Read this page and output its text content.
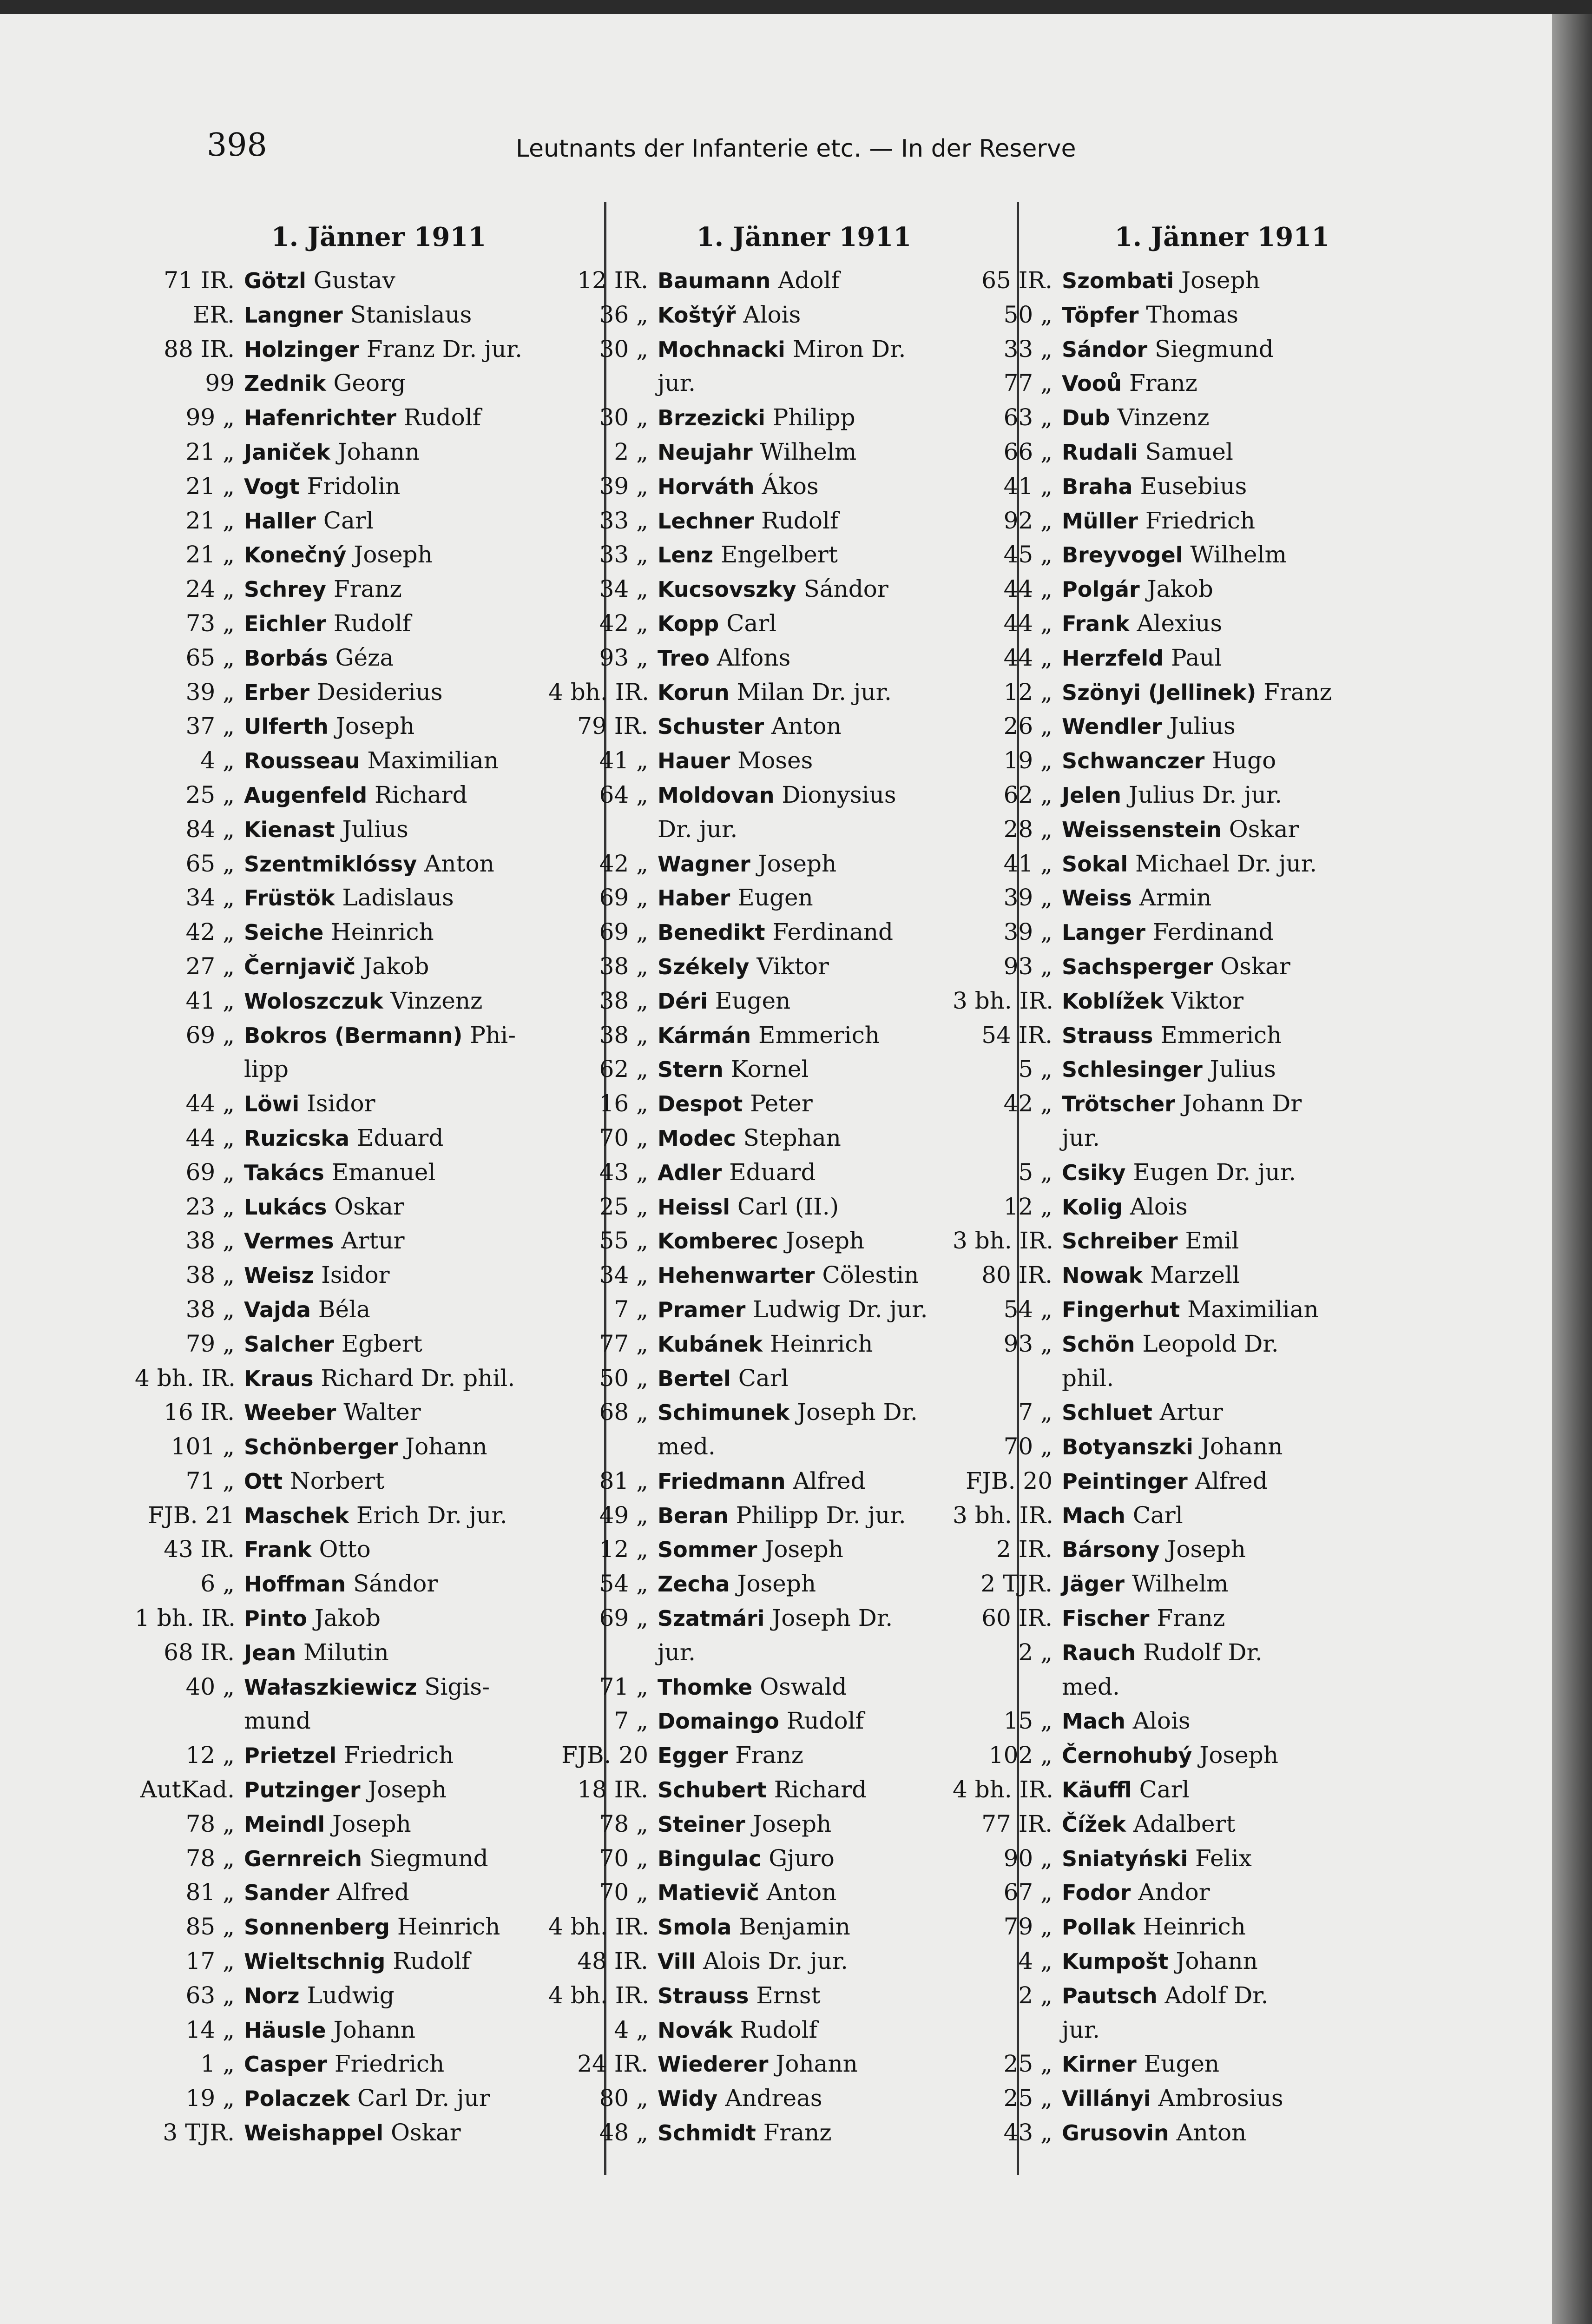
398	Leutnants der Infanterie etc. — In der Reserve
1. Jänner 1911	1. Jänner 1911	1. Jänner 1911
71 IR. Götzl Gustav
ER. Langner Stanislaus
88 IR. Holzinger Franz Dr. jur.
99 Zednik Georg
99 „ Hafenrichter Rudolf
21 „ Janiček Johann
21 „ Vogt Fridolin
21 „ Haller Carl
21 „ Konečný Joseph
24 „ Schrey Franz
73 „ Eichler Rudolf
65 „ Borbás Géza
39 „ Erber Desiderius
37 „ Ulferth Joseph
4 „ Rousseau Maximilian
25 „ Augenfeld Richard
84 „ Kienast Julius
65 „ Szentmiklóssy Anton
34 „ Früstök Ladislaus
42 „ Seiche Heinrich
27 „ Černjavič Jakob
41 „ Woloszczuk Vinzenz
69 „ Bokros (Bermann) Phi-
lipp
44 „ Löwi Isidor
44 „ Ruzicska Eduard
69 „ Takács Emanuel
23 „ Lukács Oskar
38 „ Vermes Artur
38 „ Weisz Isidor
38 „ Vajda Béla
79 „ Salcher Egbert
4 bh. IR. Kraus Richard Dr. phil.
16 IR. Weeber Walter
101 „ Schönberger Johann
71 „ Ott Norbert
FJB. 21 Maschek Erich Dr. jur.
43 IR. Frank Otto
6 „ Hoffman Sándor
1 bh. IR. Pinto Jakob
68 IR. Jean Milutin
40 „ Wałaszkiewicz Sigis-
mund
12 „ Prietzel Friedrich
AutKad. Putzinger Joseph
78 „ Meindl Joseph
78 „ Gernreich Siegmund
81 „ Sander Alfred
85 „ Sonnenberg Heinrich
17 „ Wieltschnig Rudolf
63 „ Norz Ludwig
14 „ Häusle Johann
1 „ Casper Friedrich
19 „ Polaczek Carl Dr. jur
3 TJR. Weishappel Oskar
12 IR. Baumann Adolf
36 „ Koštýř Alois
30 „ Mochnacki Miron Dr.
jur.
30 „ Brzezicki Philipp
2 „ Neujahr Wilhelm
39 „ Horváth Ákos
33 „ Lechner Rudolf
33 „ Lenz Engelbert
34 „ Kucsovszky Sándor
42 „ Kopp Carl
93 „ Treo Alfons
4 bh. IR. Korun Milan Dr. jur.
79 IR. Schuster Anton
41 „ Hauer Moses
64 „ Moldovan Dionysius
Dr. jur.
42 „ Wagner Joseph
69 „ Haber Eugen
69 „ Benedikt Ferdinand
38 „ Székely Viktor
38 „ Déri Eugen
38 „ Kármán Emmerich
62 „ Stern Kornel
16 „ Despot Peter
70 „ Modec Stephan
43 „ Adler Eduard
25 „ Heissl Carl (II.)
55 „ Komberec Joseph
34 „ Hehenwarter Cölestin
7 „ Pramer Ludwig Dr. jur.
77 „ Kubánek Heinrich
50 „ Bertel Carl
68 „ Schimunek Joseph Dr.
med.
81 „ Friedmann Alfred
49 „ Beran Philipp Dr. jur.
12 „ Sommer Joseph
54 „ Zecha Joseph
69 „ Szatmári Joseph Dr.
jur.
71 „ Thomke Oswald
7 „ Domaingo Rudolf
FJB. 20 Egger Franz
18 IR. Schubert Richard
78 „ Steiner Joseph
70 „ Bingulac Gjuro
70 „ Matievič Anton
4 bh. IR. Smola Benjamin
48 IR. Vill Alois Dr. jur.
4 bh. IR. Strauss Ernst
4 „ Novák Rudolf
24 IR. Wiederer Johann
80 „ Widy Andreas
48 „ Schmidt Franz
65 IR. Szombati Joseph
50 „ Töpfer Thomas
33 „ Sándor Siegmund
77 „ Vooů Franz
63 „ Dub Vinzenz
66 „ Rudali Samuel
41 „ Braha Eusebius
92 „ Müller Friedrich
45 „ Breyvogel Wilhelm
44 „ Polgár Jakob
44 „ Frank Alexius
44 „ Herzfeld Paul
12 „ Szönyi (Jellinek) Franz
26 „ Wendler Julius
19 „ Schwanczer Hugo
62 „ Jelen Julius Dr. jur.
28 „ Weissenstein Oskar
41 „ Sokal Michael Dr. jur.
39 „ Weiss Armin
39 „ Langer Ferdinand
93 „ Sachsperger Oskar
3 bh. IR. Koblížek Viktor
54 IR. Strauss Emmerich
5 „ Schlesinger Julius
42 „ Trötscher Johann Dr
jur.
5 „ Csiky Eugen Dr. jur.
12 „ Kolig Alois
3 bh. IR. Schreiber Emil
80 IR. Nowak Marzell
54 „ Fingerhut Maximilian
93 „ Schön Leopold Dr.
phil.
7 „ Schluet Artur
70 „ Botyanszki Johann
FJB. 20 Peintinger Alfred
3 bh. IR. Mach Carl
2 IR. Bársony Joseph
2 TJR. Jäger Wilhelm
60 IR. Fischer Franz
2 „ Rauch Rudolf Dr.
med.
15 „ Mach Alois
102 „ Černohubý Joseph
4 bh. IR. Käuffl Carl
77 IR. Čížek Adalbert
90 „ Sniatyński Felix
67 „ Fodor Andor
79 „ Pollak Heinrich
4 „ Kumpošt Johann
2 „ Pautsch Adolf Dr.
jur.
25 „ Kirner Eugen
25 „ Villányi Ambrosius
43 „ Grusovin Anton
